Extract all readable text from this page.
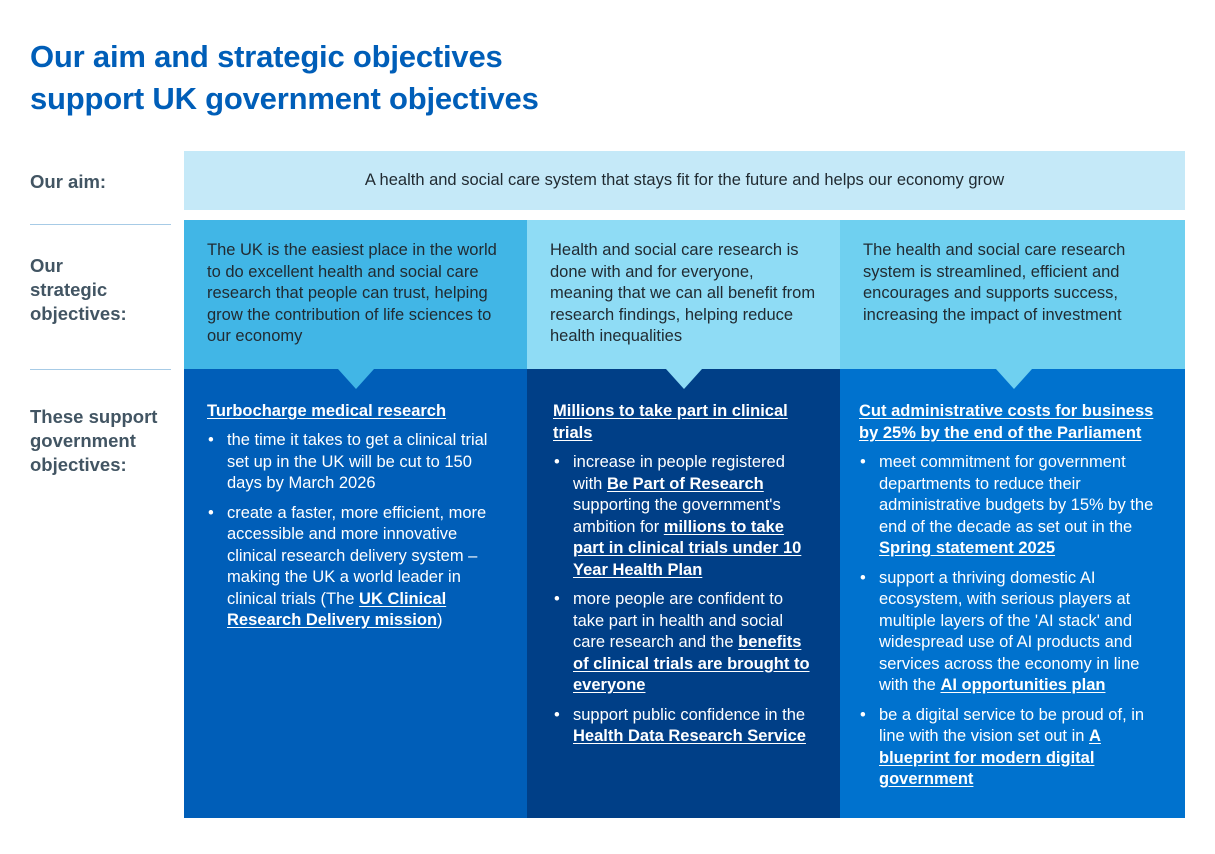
Our aim and strategic objectives
support UK government objectives
Our aim:
Our
strategic
objectives:
These support
government
objectives:
A health and social care system that stays fit for the future and helps our economy grow
The UK is the easiest place in the world to do excellent health and social care research that people can trust, helping grow the contribution of life sciences to our economy
Health and social care research is done with and for everyone, meaning that we can all benefit from research findings, helping reduce health inequalities
The health and social care research system is streamlined, efficient and encourages and supports success, increasing the impact of investment
Turbocharge medical research
• the time it takes to get a clinical trial set up in the UK will be cut to 150 days by March 2026
• create a faster, more efficient, more accessible and more innovative clinical research delivery system – making the UK a world leader in clinical trials (The UK Clinical Research Delivery mission)
Millions to take part in clinical trials
• increase in people registered with Be Part of Research supporting the government's ambition for millions to take part in clinical trials under 10 Year Health Plan
• more people are confident to take part in health and social care research and the benefits of clinical trials are brought to everyone
• support public confidence in the Health Data Research Service
Cut administrative costs for business by 25% by the end of the Parliament
• meet commitment for government departments to reduce their administrative budgets by 15% by the end of the decade as set out in the Spring statement 2025
• support a thriving domestic AI ecosystem, with serious players at multiple layers of the 'AI stack' and widespread use of AI products and services across the economy in line with the AI opportunities plan
• be a digital service to be proud of, in line with the vision set out in A blueprint for modern digital government
